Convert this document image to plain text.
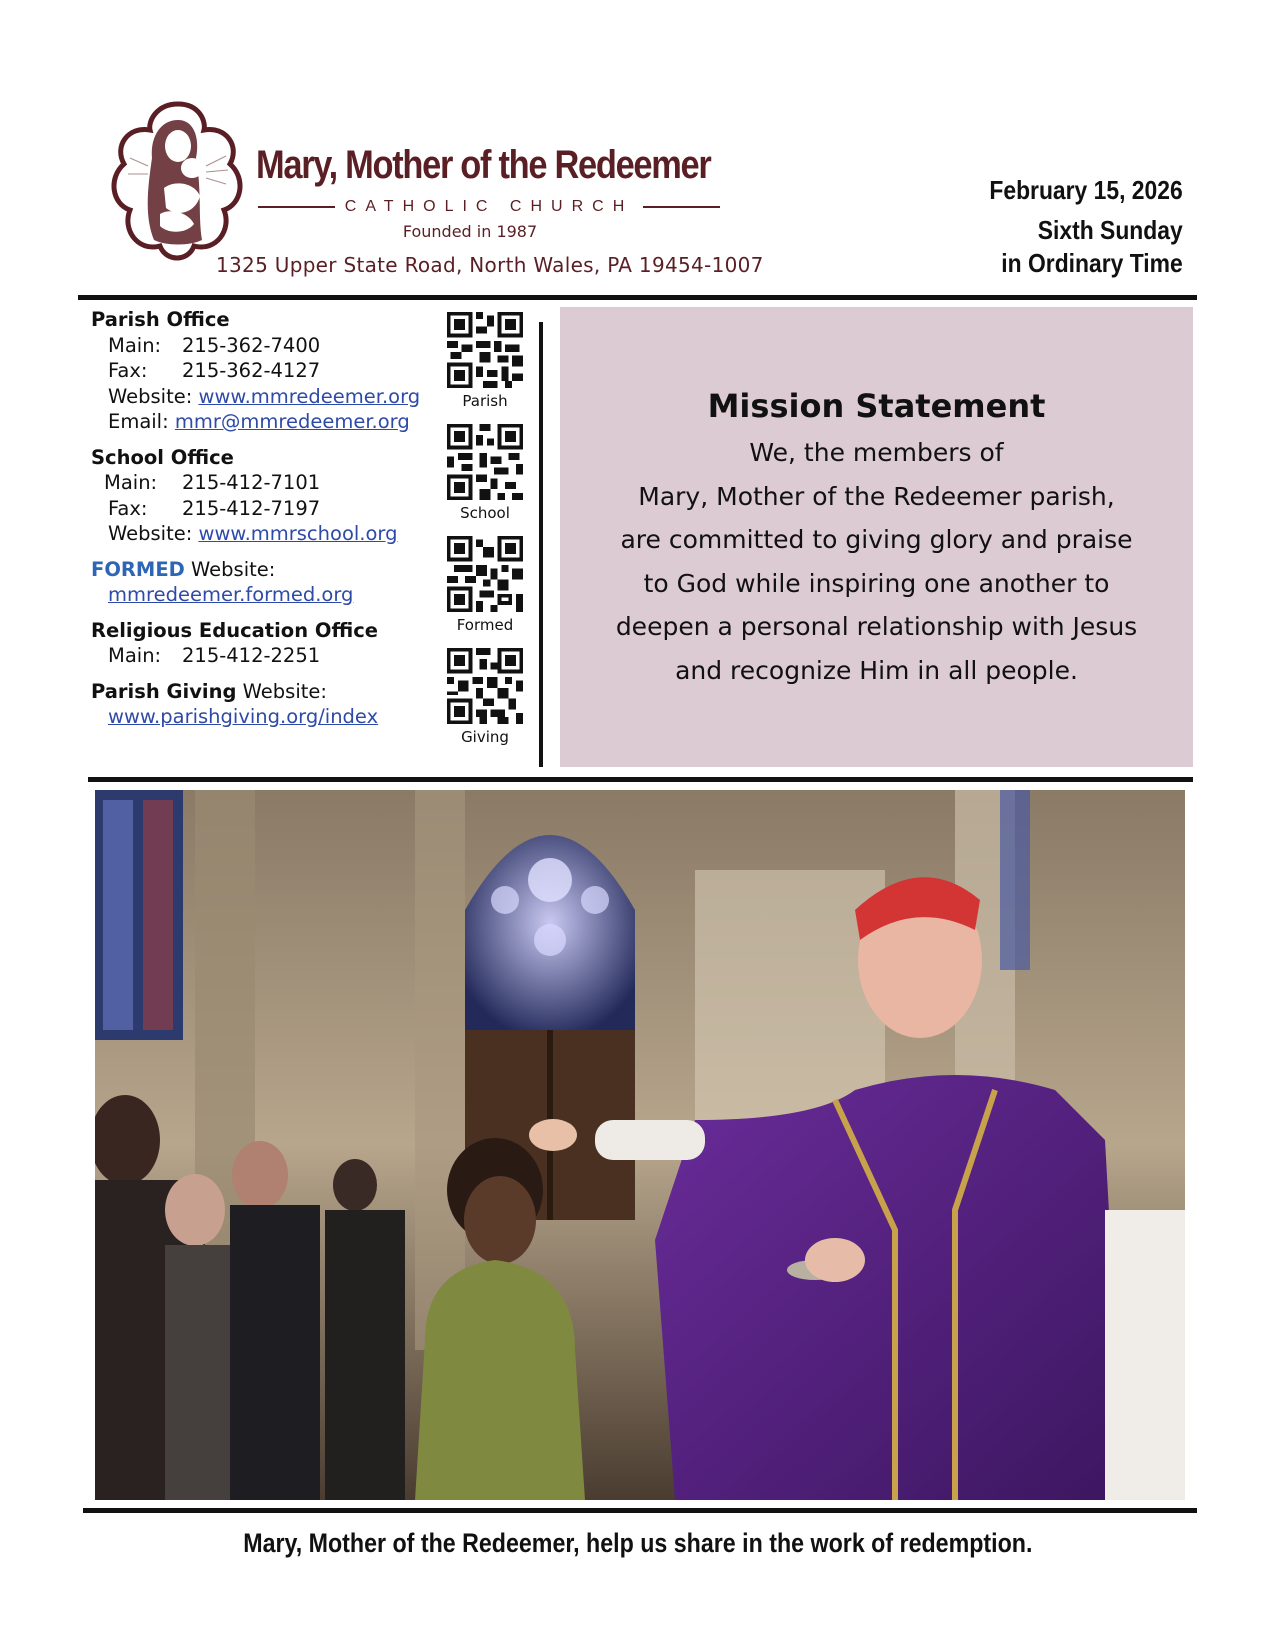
Mary, Mother of the Redeemer
CATHOLIC CHURCH
Founded in 1987
1325 Upper State Road, North Wales, PA 19454-1007
February 15, 2026
Sixth Sunday
in Ordinary Time
Parish Office
Main: 215-362-7400
Fax: 215-362-4127
Website: www.mmredeemer.org
Email: mmr@mmredeemer.org
School Office
Main: 215-412-7101
Fax: 215-412-7197
Website: www.mmrschool.org
FORMED Website:
mmredeemer.formed.org
Religious Education Office
Main: 215-412-2251
Parish Giving Website:
www.parishgiving.org/index
Parish
School
Formed
Giving
Mission Statement

We, the members of
Mary, Mother of the Redeemer parish,
are committed to giving glory and praise
to God while inspiring one another to
deepen a personal relationship with Jesus
and recognize Him in all people.

Mary, Mother of the Redeemer, help us share in the work of redemption.
